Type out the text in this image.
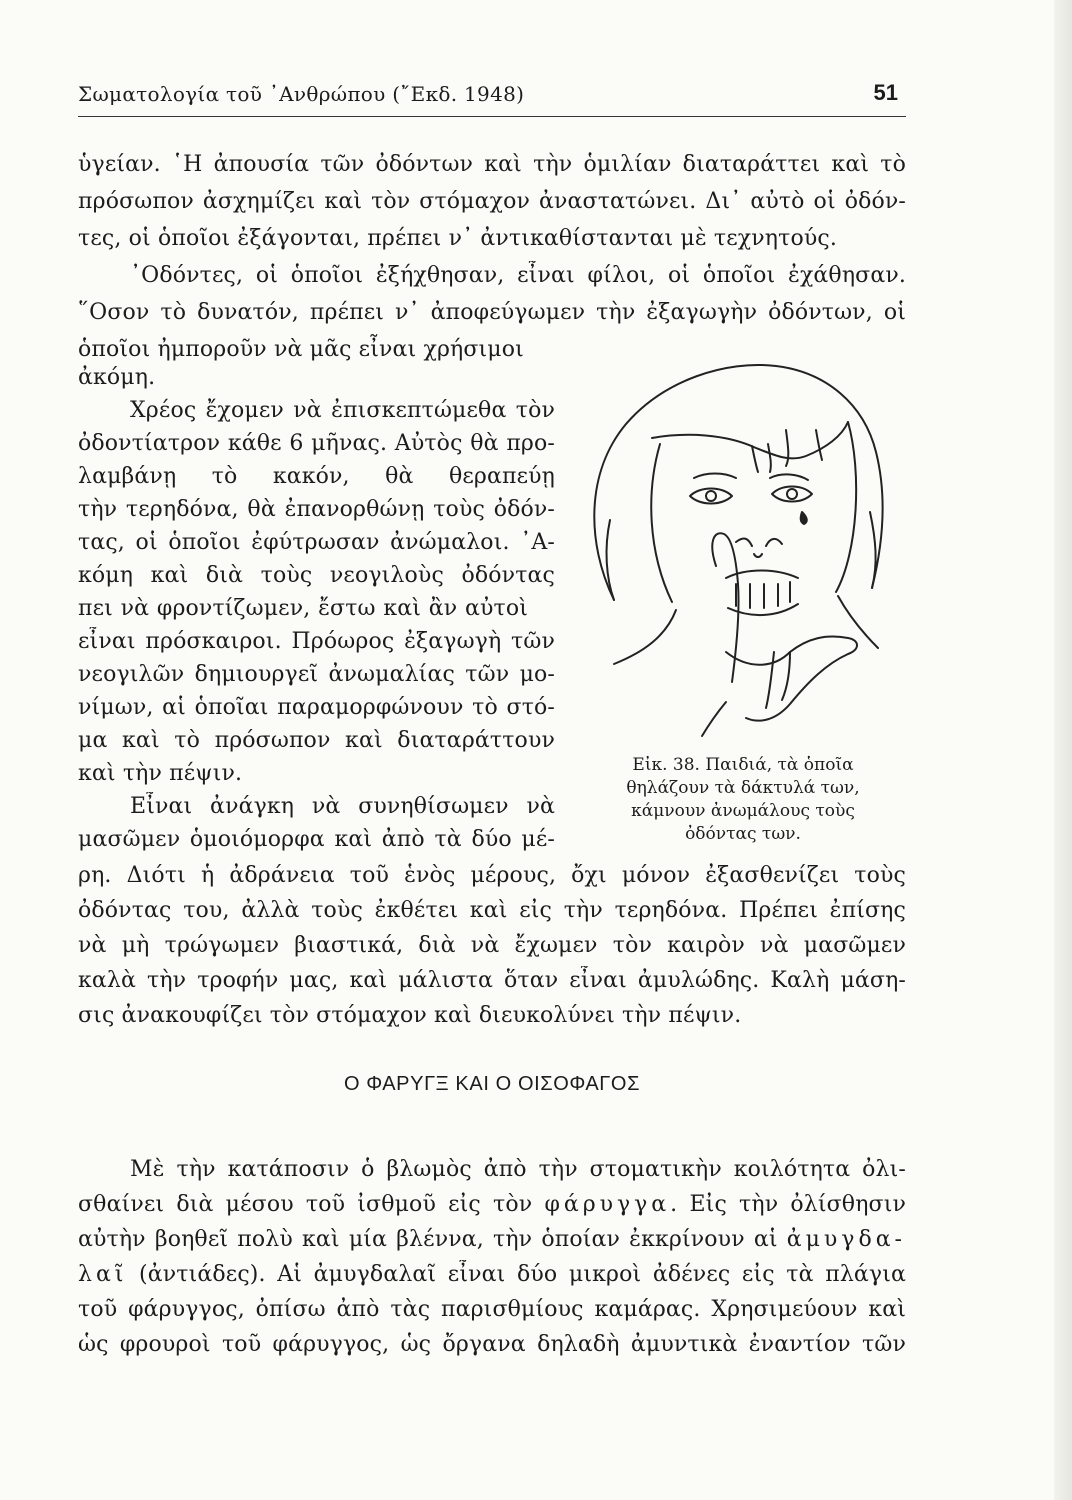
Σωματολογία τοῦ ᾿Ανθρώπου (῎Εκδ. 1948)	51
ὑγείαν. ῾Η ἀπουσία τῶν ὀδόντων καὶ τὴν ὁμιλίαν διαταράττει καὶ τὸ
πρόσωπον ἀσχημίζει καὶ τὸν στόμαχον ἀναστατώνει. Δι᾿ αὐτὸ οἱ ὀδόν-
τες, οἱ ὁποῖοι ἐξάγονται, πρέπει ν᾿ ἀντικαθίστανται μὲ τεχνητούς.
᾿Οδόντες, οἱ ὁποῖοι ἐξήχθησαν, εἶναι φίλοι, οἱ ὁποῖοι ἐχάθησαν.
῞Οσον τὸ δυνατόν, πρέπει ν᾿ ἀποφεύγωμεν τὴν ἐξαγωγὴν ὀδόντων, οἱ
ὁποῖοι ἠμποροῦν νὰ μᾶς εἶναι χρήσιμοι
ἀκόμη.
Χρέος ἔχομεν νὰ ἐπισκεπτώμεθα τὸν
ὀδοντίατρον κάθε 6 μῆνας. Αὐτὸς θὰ προ-
λαμβάνῃ τὸ κακόν, θὰ θεραπεύῃ
τὴν τερηδόνα, θὰ ἐπανορθώνῃ τοὺς ὀδόν-
τας, οἱ ὁποῖοι ἐφύτρωσαν ἀνώμαλοι. ᾿Α-
κόμη καὶ διὰ τοὺς νεογιλοὺς ὀδόντας
πει νὰ φροντίζωμεν, ἔστω καὶ ἂν αὐτοὶ
εἶναι πρόσκαιροι. Πρόωρος ἐξαγωγὴ τῶν
νεογιλῶν δημιουργεῖ ἀνωμαλίας τῶν μο-
νίμων, αἱ ὁποῖαι παραμορφώνουν τὸ στό-
μα καὶ τὸ πρόσωπον καὶ διαταράττουν
καὶ τὴν πέψιν.
Εἶναι ἀνάγκη νὰ συνηθίσωμεν νὰ
μασῶμεν ὁμοιόμορφα καὶ ἀπὸ τὰ δύο μέ-
ρη. Διότι ἡ ἀδράνεια τοῦ ἑνὸς μέρους, ὄχι μόνον ἐξασθενίζει τοὺς
ὀδόντας του, ἀλλὰ τοὺς ἐκθέτει καὶ εἰς τὴν τερηδόνα. Πρέπει ἐπίσης
νὰ μὴ τρώγωμεν βιαστικά, διὰ νὰ ἔχωμεν τὸν καιρὸν νὰ μασῶμεν
καλὰ τὴν τροφήν μας, καὶ μάλιστα ὅταν εἶναι ἀμυλώδης. Καλὴ μάση-
σις ἀνακουφίζει τὸν στόμαχον καὶ διευκολύνει τὴν πέψιν.
Εἰκ. 38. Παιδιά, τὰ ὁποῖα
θηλάζουν τὰ δάκτυλά των,
κάμνουν ἀνωμάλους τοὺς
ὀδόντας των.
Ο ΦΑΡΥΓΞ ΚΑΙ Ο ΟΙΣΟΦΑΓΟΣ
Μὲ τὴν κατάποσιν ὁ βλωμὸς ἀπὸ τὴν στοματικὴν κοιλότητα ὀλι-
σθαίνει διὰ μέσου τοῦ ἰσθμοῦ εἰς τὸν φάρυγγα. Εἰς τὴν ὀλίσθησιν
αὐτὴν βοηθεῖ πολὺ καὶ μία βλέννα, τὴν ὁποίαν ἐκκρίνουν αἱ ἀμυγδα-
λαῖ (ἀντιάδες). Αἱ ἀμυγδαλαῖ εἶναι δύο μικροὶ ἀδένες εἰς τὰ πλάγια
τοῦ φάρυγγος, ὀπίσω ἀπὸ τὰς παρισθμίους καμάρας. Χρησιμεύουν καὶ
ὡς φρουροὶ τοῦ φάρυγγος, ὡς ὄργανα δηλαδὴ ἀμυντικὰ ἐναντίον τῶν
